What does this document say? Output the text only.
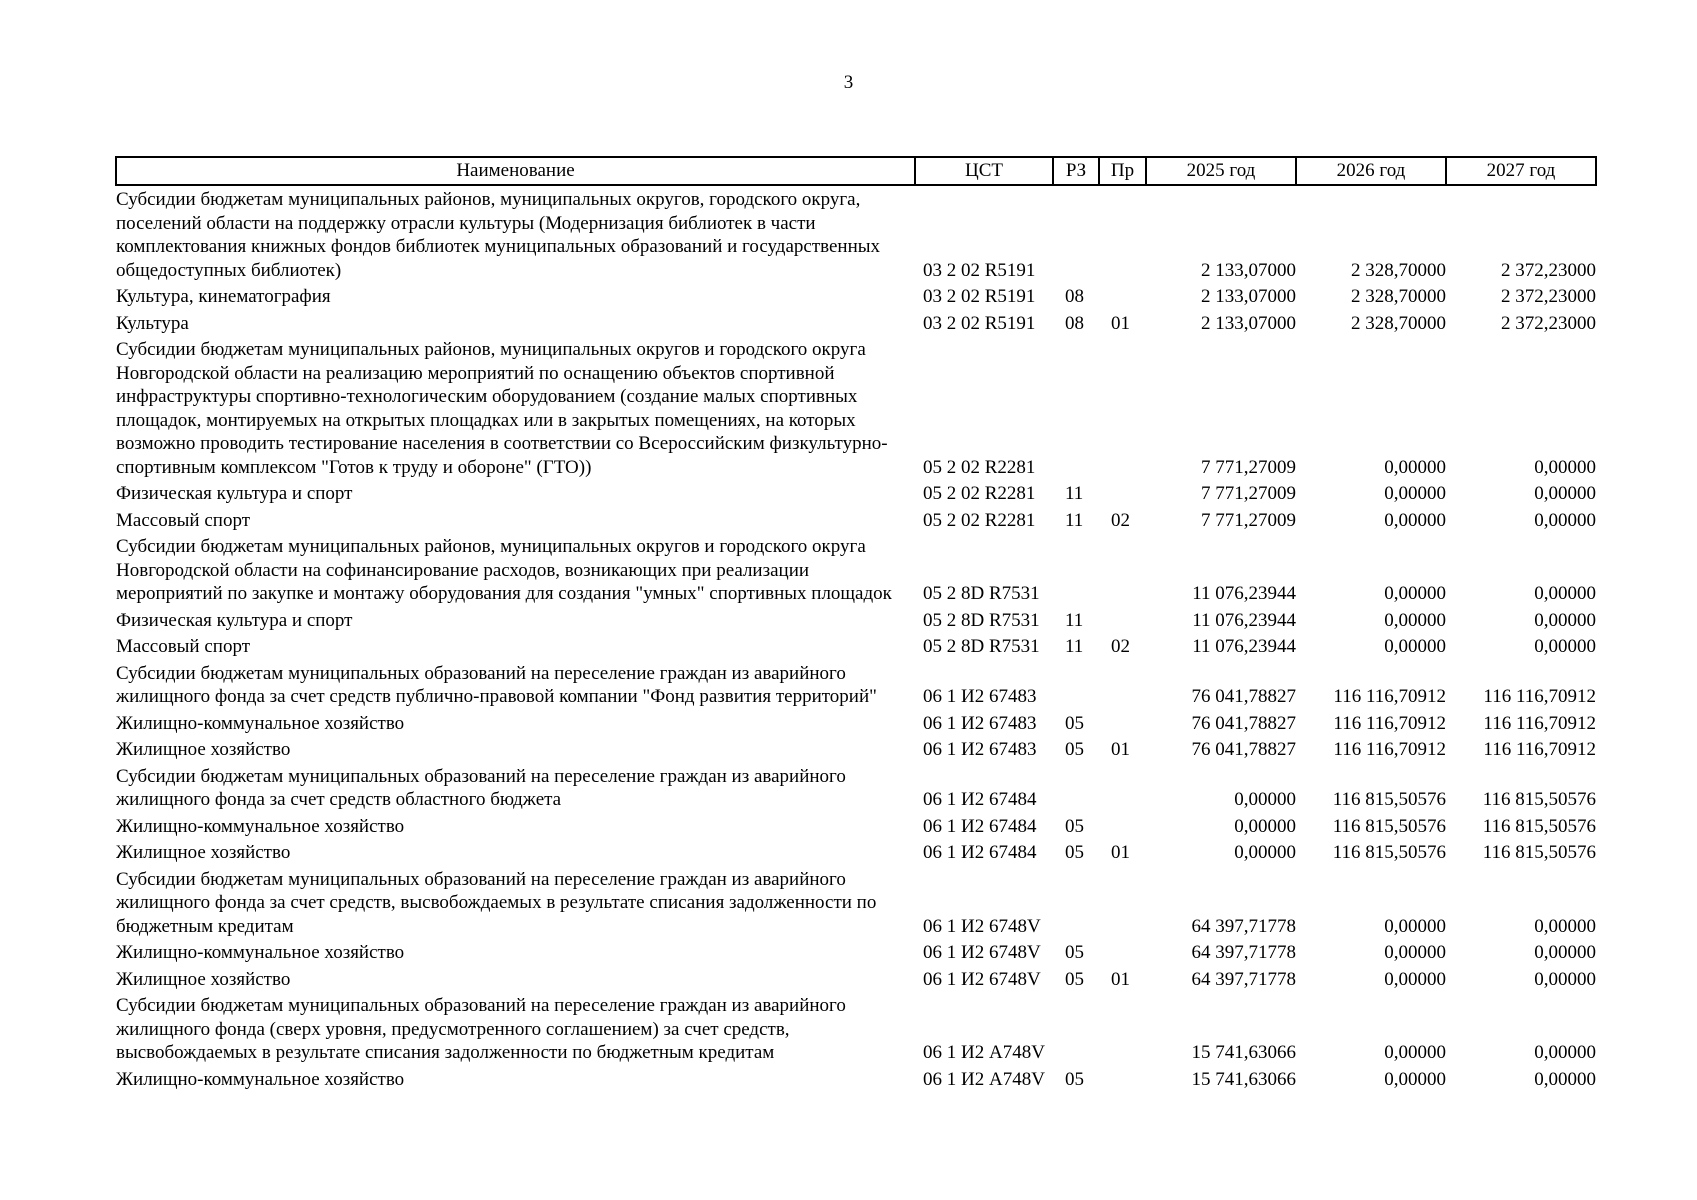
3
Наименование	ЦСТ	РЗ	Пр	2025 год	2026 год	2027 год
Субсидии бюджетам муниципальных районов, муниципальных округов, городского округа, поселений области на поддержку отрасли культуры (Модернизация библиотек в части комплектования книжных фондов библиотек муниципальных образований и государственных общедоступных библиотек)	03 2 02 R5191			2 133,07000	2 328,70000	2 372,23000
Культура, кинематография	03 2 02 R5191	08		2 133,07000	2 328,70000	2 372,23000
Культура	03 2 02 R5191	08	01	2 133,07000	2 328,70000	2 372,23000
Субсидии бюджетам муниципальных районов, муниципальных округов и городского округа Новгородской области на реализацию мероприятий по оснащению объектов спортивной инфраструктуры спортивно-технологическим оборудованием (создание малых спортивных площадок, монтируемых на открытых площадках или в закрытых помещениях, на которых возможно проводить тестирование населения в соответствии со Всероссийским физкультурно-спортивным комплексом "Готов к труду и обороне" (ГТО))	05 2 02 R2281			7 771,27009	0,00000	0,00000
Физическая культура и спорт	05 2 02 R2281	11		7 771,27009	0,00000	0,00000
Массовый спорт	05 2 02 R2281	11	02	7 771,27009	0,00000	0,00000
Субсидии бюджетам муниципальных районов, муниципальных округов и городского округа Новгородской области на софинансирование расходов, возникающих при реализации мероприятий по закупке и монтажу оборудования для создания "умных" спортивных площадок	05 2 8D R7531			11 076,23944	0,00000	0,00000
Физическая культура и спорт	05 2 8D R7531	11		11 076,23944	0,00000	0,00000
Массовый спорт	05 2 8D R7531	11	02	11 076,23944	0,00000	0,00000
Субсидии бюджетам муниципальных образований на переселение граждан из аварийного жилищного фонда за счет средств публично-правовой компании "Фонд развития территорий"	06 1 И2 67483			76 041,78827	116 116,70912	116 116,70912
Жилищно-коммунальное хозяйство	06 1 И2 67483	05		76 041,78827	116 116,70912	116 116,70912
Жилищное хозяйство	06 1 И2 67483	05	01	76 041,78827	116 116,70912	116 116,70912
Субсидии бюджетам муниципальных образований на переселение граждан из аварийного жилищного фонда за счет средств областного бюджета	06 1 И2 67484			0,00000	116 815,50576	116 815,50576
Жилищно-коммунальное хозяйство	06 1 И2 67484	05		0,00000	116 815,50576	116 815,50576
Жилищное хозяйство	06 1 И2 67484	05	01	0,00000	116 815,50576	116 815,50576
Субсидии бюджетам муниципальных образований на переселение граждан из аварийного жилищного фонда за счет средств, высвобождаемых в результате списания задолженности по бюджетным кредитам	06 1 И2 6748V			64 397,71778	0,00000	0,00000
Жилищно-коммунальное хозяйство	06 1 И2 6748V	05		64 397,71778	0,00000	0,00000
Жилищное хозяйство	06 1 И2 6748V	05	01	64 397,71778	0,00000	0,00000
Субсидии бюджетам муниципальных образований на переселение граждан из аварийного жилищного фонда (сверх уровня, предусмотренного соглашением) за счет средств, высвобождаемых в результате списания задолженности по бюджетным кредитам	06 1 И2 A748V			15 741,63066	0,00000	0,00000
Жилищно-коммунальное хозяйство	06 1 И2 A748V	05		15 741,63066	0,00000	0,00000
